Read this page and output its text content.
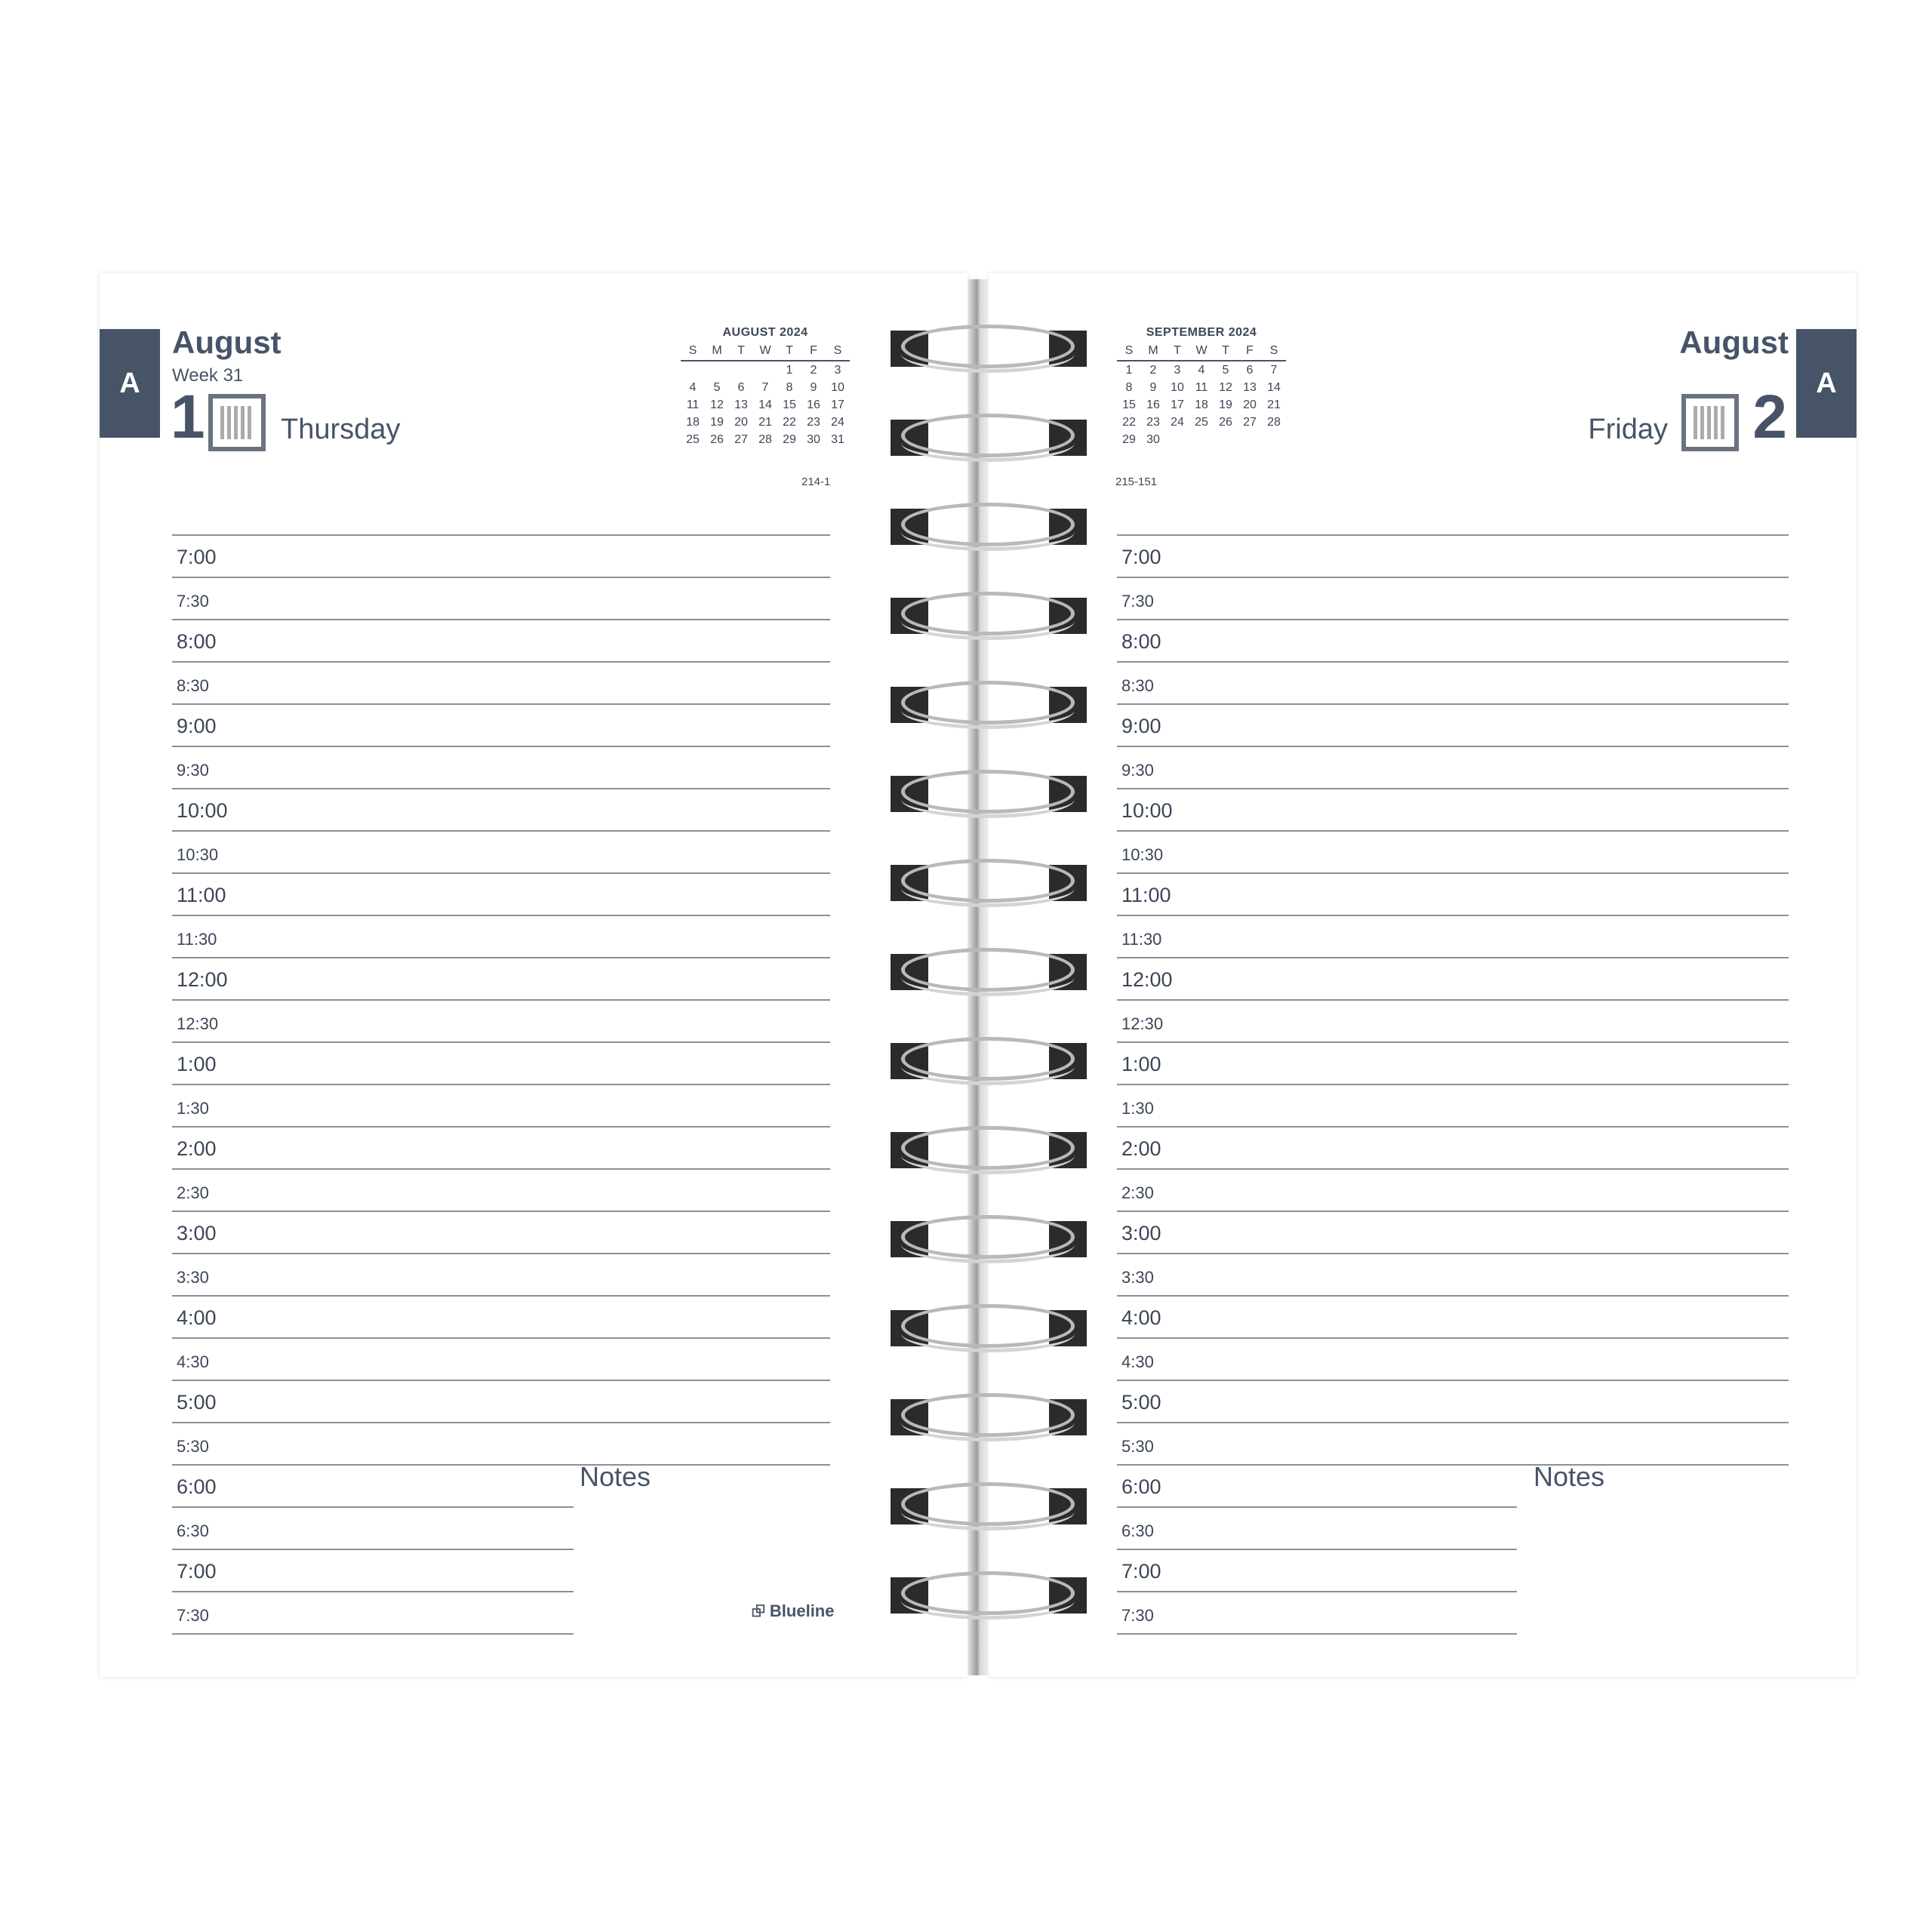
A
August
Week 31
1	Thursday
AUGUST 2024
S	M	T	W	T	F	S
				1	2	3
4	5	6	7	8	9	10
11	12	13	14	15	16	17
18	19	20	21	22	23	24
25	26	27	28	29	30	31
214-1
7:00
7:30
8:00
8:30
9:00
9:30
10:00
10:30
11:00
11:30
12:00
12:30
1:00
1:30
2:00
2:30
3:00
3:30
4:00
4:30
5:00
5:30
6:00
6:30
7:00
7:30
Notes
⮺ Blueline
A
August
Friday 2
SEPTEMBER 2024
S	M	T	W	T	F	S
1	2	3	4	5	6	7
8	9	10	11	12	13	14
15	16	17	18	19	20	21
22	23	24	25	26	27	28
29	30					
215-151
7:00
7:30
8:00
8:30
9:00
9:30
10:00
10:30
11:00
11:30
12:00
12:30
1:00
1:30
2:00
2:30
3:00
3:30
4:00
4:30
5:00
5:30
6:00
6:30
7:00
7:30
Notes
